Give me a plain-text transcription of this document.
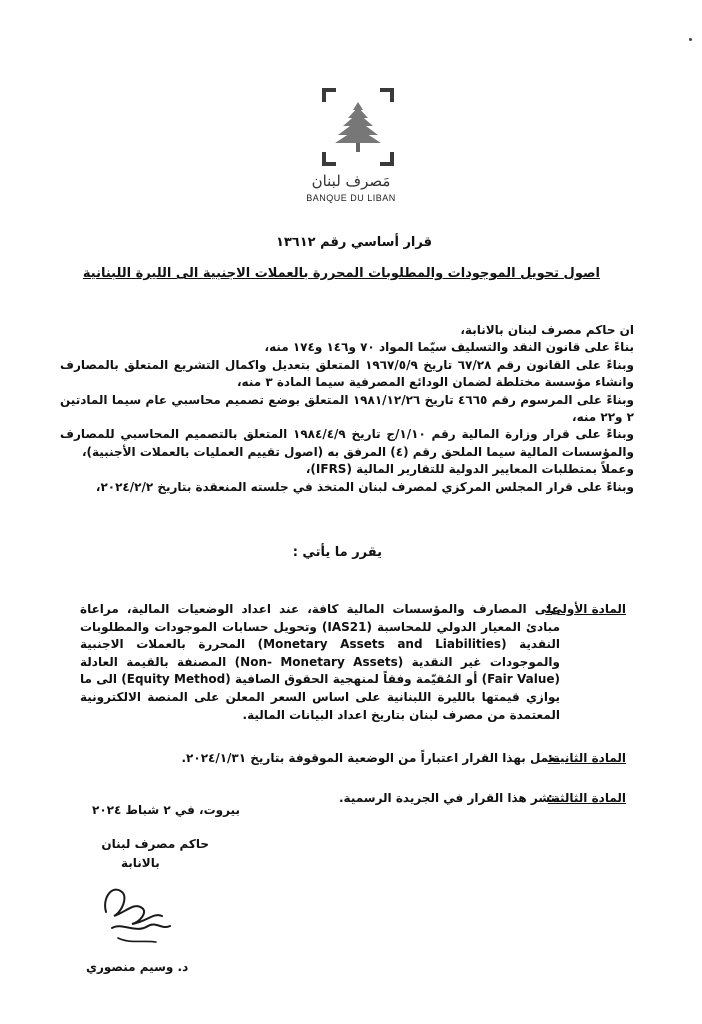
مَصرف لبنان
BANQUE DU LIBAN
قرار أساسي رقم ١٣٦١٢
اصول تحويل الموجودات والمطلوبات المحررة بالعملات الاجنبية الى الليرة اللبنانية

ان حاكم مصرف لبنان بالانابة،

بناءً على قانون النقد والتسليف سيّما المواد ٧٠ و١٤٦ و١٧٤ منه،

وبناءً على القانون رقم ٦٧/٢٨ تاريخ ١٩٦٧/٥/٩ المتعلق بتعديل واكمال التشريع المتعلق بالمصارف وانشاء مؤسسة مختلطة لضمان الودائع المصرفية سيما المادة ٣ منه،

وبناءً على المرسوم رقم ٤٦٦٥ تاريخ ١٩٨١/١٢/٢٦ المتعلق بوضع تصميم محاسبي عام سيما المادتين ٢ و٢٢ منه،

وبناءً على قرار وزارة المالية رقم ١/١٠/ج تاريخ ١٩٨٤/٤/٩ المتعلق بالتصميم المحاسبي للمصارف والمؤسسات المالية سيما الملحق رقم (٤) المرفق به (اصول تقييم العمليات بالعملات الأجنبية)،

وعملاً بمتطلبات المعايير الدولية للتقارير المالية (IFRS)،

وبناءً على قرار المجلس المركزي لمصرف لبنان المتخذ في جلسته المنعقدة بتاريخ ٢٠٢٤/٢/٢،

يقرر ما يأتي :
المادة الأولى:
على المصارف والمؤسسات المالية كافة، عند اعداد الوضعيات المالية، مراعاة مبادئ المعيار الدولي للمحاسبة (IAS21) وتحويل حسابات الموجودات والمطلوبات النقدية (Monetary Assets and Liabilities) المحررة بالعملات الاجنبية والموجودات غير النقدية (Non- Monetary Assets) المصنفة بالقيمة العادلة (Fair Value) أو المُقيّمة وفقاً لمنهجية الحقوق الصافية (Equity Method) الى ما يوازي قيمتها بالليرة اللبنانية على اساس السعر المعلن على المنصة الالكترونية المعتمدة من مصرف لبنان بتاريخ اعداد البيانات المالية.
المادة الثانية:
يعمل بهذا القرار اعتباراً من الوضعية الموقوفة بتاريخ ٢٠٢٤/١/٣١.
المادة الثالثة:
ينشر هذا القرار في الجريدة الرسمية.
بيروت، في ٢ شباط ٢٠٢٤
حاكم مصرف لبنان
بالانابة
د. وسيم منصوري
